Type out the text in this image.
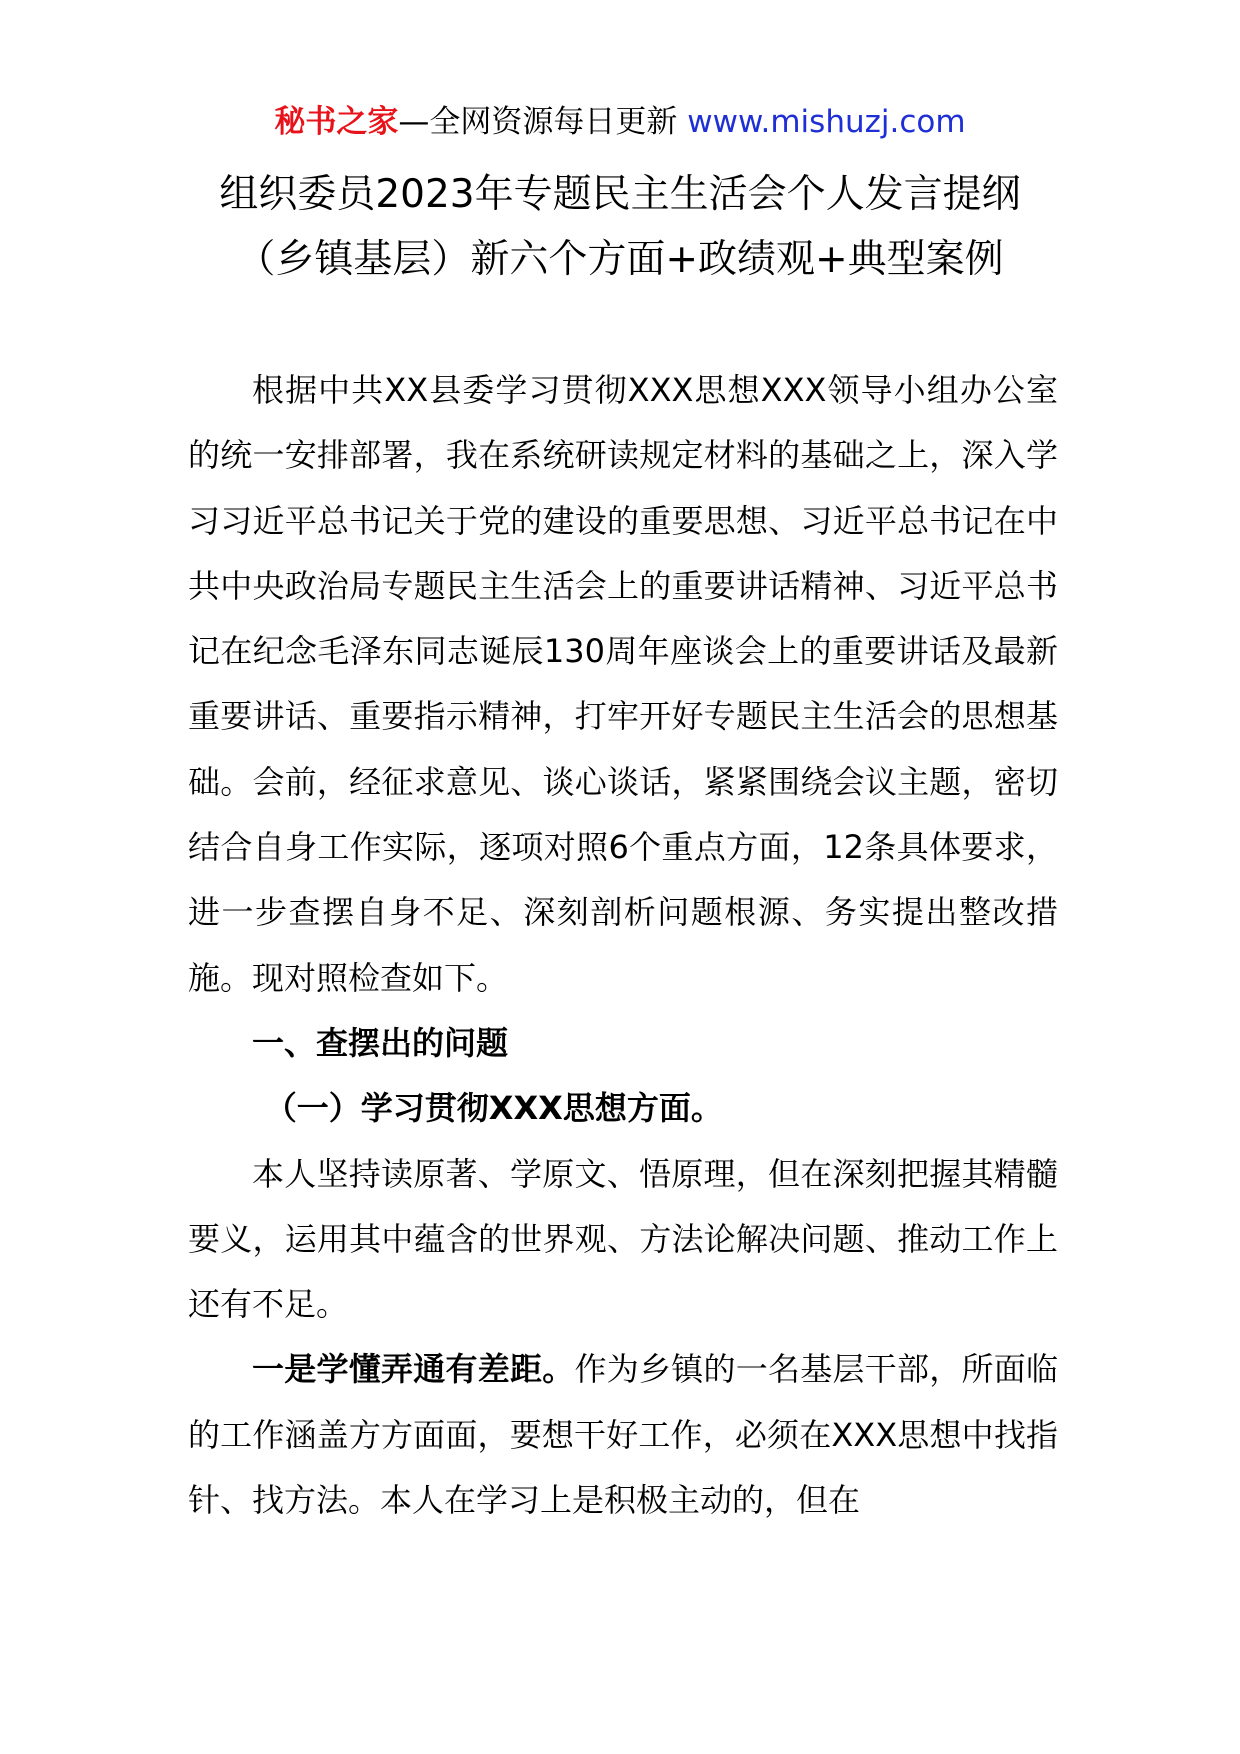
秘书之家—全网资源每日更新 www.mishuzj.com
组织委员2023年专题民主生活会个人发言提纲
（乡镇基层）新六个方面+政绩观+典型案例

根据中共XX县委学习贯彻XXX思想XXX领导小组办公室的统一安排部署，我在系统研读规定材料的基础之上，深入学习习近平总书记关于党的建设的重要思想、习近平总书记在中共中央政治局专题民主生活会上的重要讲话精神、习近平总书记在纪念毛泽东同志诞辰130周年座谈会上的重要讲话及最新重要讲话、重要指示精神，打牢开好专题民主生活会的思想基础。会前，经征求意见、谈心谈话，紧紧围绕会议主题，密切结合自身工作实际，逐项对照6个重点方面，12条具体要求，进一步查摆自身不足、深刻剖析问题根源、务实提出整改措施。现对照检查如下。

一、查摆出的问题

（一）学习贯彻XXX思想方面。

本人坚持读原著、学原文、悟原理，但在深刻把握其精髓要义，运用其中蕴含的世界观、方法论解决问题、推动工作上还有不足。

一是学懂弄通有差距。作为乡镇的一名基层干部，所面临的工作涵盖方方面面，要想干好工作，必须在XXX思想中找指针、找方法。本人在学习上是积极主动的，但在
